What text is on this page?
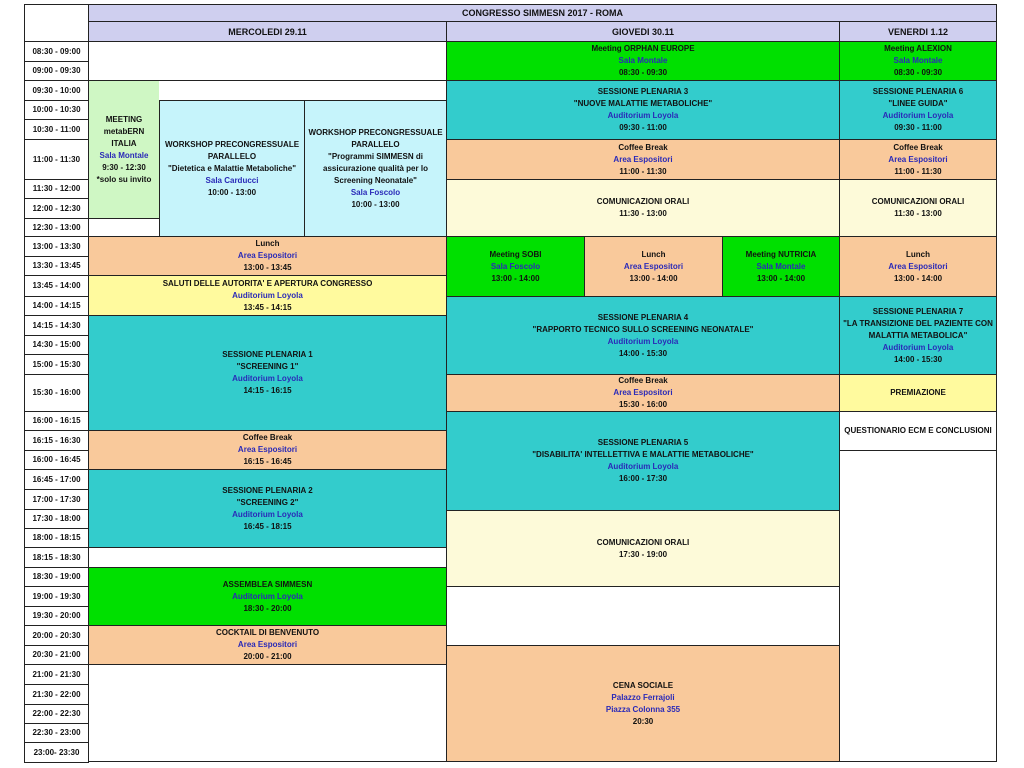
CONGRESSO SIMMESN 2017 - ROMA
MERCOLEDI 29.11	GIOVEDI 30.11	VENERDI 1.12
08:30 - 09:00
09:00 - 09:30
09:30 - 10:00
10:00 - 10:30
10:30 - 11:00
11:00 - 11:30
11:30 - 12:00
12:00 - 12:30
12:30 - 13:00
13:00 - 13:30
13:30 - 13:45
13:45 - 14:00
14:00 - 14:15
14:15 - 14:30
14:30 - 15:00
15:00 - 15:30
15:30 - 16:00
16:00 - 16:15
16:15 - 16:30
16:00 - 16:45
16:45 - 17:00
17:00 - 17:30
17:30 - 18:00
18:00 - 18:15
18:15 - 18:30
18:30 - 19:00
19:00 - 19:30
19:30 - 20:00
20:00 - 20:30
20:30 - 21:00
21:00 - 21:30
21:30 - 22:00
22:00 - 22:30
22:30 - 23:00
23:00- 23:30
MEETING
metabERN
ITALIA
Sala Montale
9:30 - 12:30
*solo su invito
WORKSHOP PRECONGRESSUALE
PARALLELO
"Dietetica e Malattie Metaboliche"
Sala Carducci
10:00 - 13:00
WORKSHOP PRECONGRESSUALE
PARALLELO
"Programmi SIMMESN di assicurazione qualità per lo Screening Neonatale"
Sala Foscolo
10:00 - 13:00
Lunch
Area Espositori
13:00 - 13:45
SALUTI DELLE AUTORITA' E APERTURA CONGRESSO
Auditorium Loyola
13:45 - 14:15
SESSIONE PLENARIA 1
"SCREENING 1"
Auditorium Loyola
14:15 - 16:15
Coffee Break
Area Espositori
16:15 - 16:45
SESSIONE PLENARIA 2
"SCREENING 2"
Auditorium Loyola
16:45 - 18:15
ASSEMBLEA SIMMESN
Auditorium Loyola
18:30 - 20:00
COCKTAIL DI BENVENUTO
Area Espositori
20:00 - 21:00
Meeting ORPHAN EUROPE
Sala Montale
08:30 - 09:30
SESSIONE PLENARIA 3
"NUOVE MALATTIE METABOLICHE"
Auditorium Loyola
09:30 - 11:00
Coffee Break
Area Espositori
11:00 - 11:30
COMUNICAZIONI ORALI
11:30 - 13:00
Meeting SOBI
Sala Foscolo
13:00 - 14:00
Lunch
Area Espositori
13:00 - 14:00
Meeting NUTRICIA
Sala Montale
13:00 - 14:00
SESSIONE PLENARIA 4
"RAPPORTO TECNICO SULLO SCREENING NEONATALE"
Auditorium Loyola
14:00 - 15:30
Coffee Break
Area Espositori
15:30 - 16:00
SESSIONE PLENARIA 5
"DISABILITA' INTELLETTIVA E MALATTIE METABOLICHE"
Auditorium Loyola
16:00 - 17:30
COMUNICAZIONI ORALI
17:30 - 19:00
CENA SOCIALE
Palazzo Ferrajoli
Piazza Colonna 355
20:30
Meeting ALEXION
Sala Montale
08:30 - 09:30
SESSIONE PLENARIA 6
"LINEE GUIDA"
Auditorium Loyola
09:30 - 11:00
Coffee Break
Area Espositori
11:00 - 11:30
COMUNICAZIONI ORALI
11:30 - 13:00
Lunch
Area Espositori
13:00 - 14:00
SESSIONE PLENARIA 7
"LA TRANSIZIONE DEL PAZIENTE CON MALATTIA METABOLICA"
Auditorium Loyola
14:00 - 15:30
PREMIAZIONE
QUESTIONARIO ECM E CONCLUSIONI
